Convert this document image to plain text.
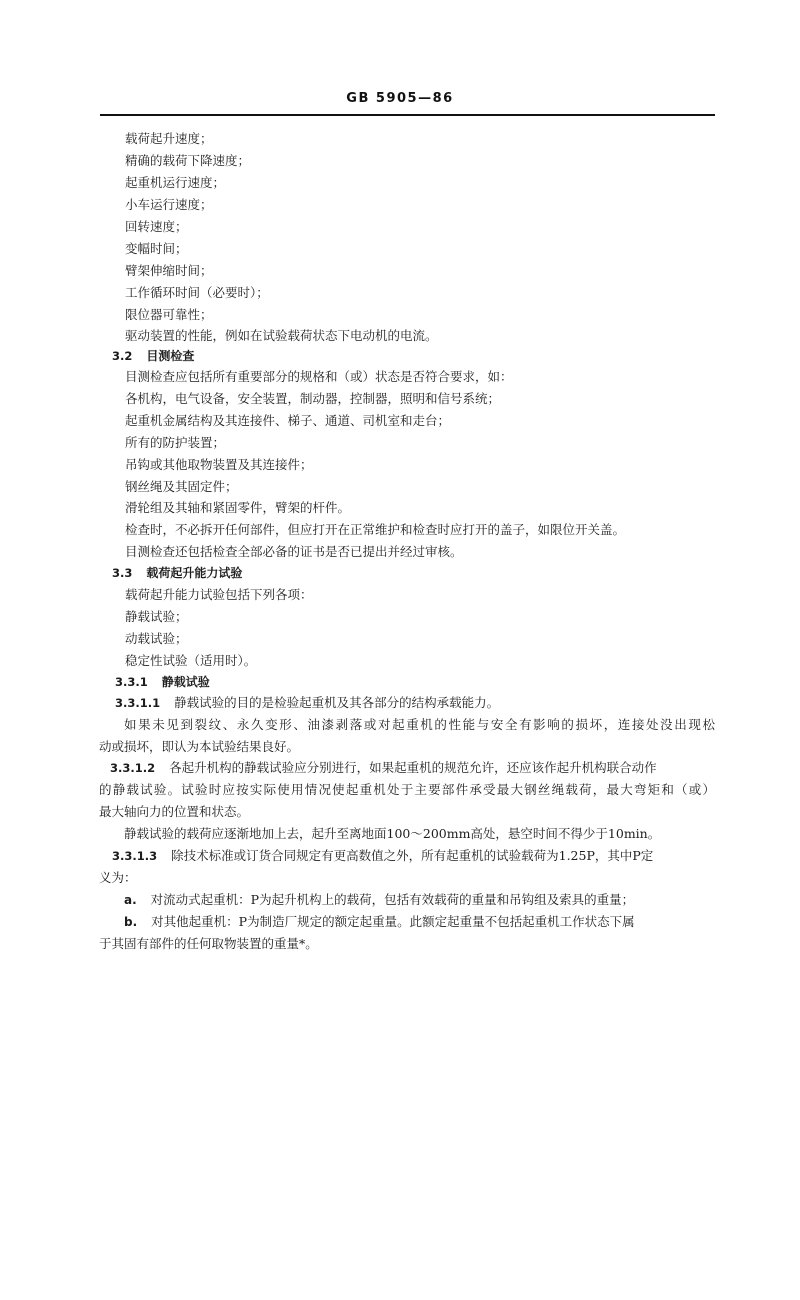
GB 5905—86
载荷起升速度；
精确的载荷下降速度；
起重机运行速度；
小车运行速度；
回转速度；
变幅时间；
臂架伸缩时间；
工作循环时间（必要时）；
限位器可靠性；
驱动装置的性能，例如在试验载荷状态下电动机的电流。
3.2 目测检查
目测检查应包括所有重要部分的规格和（或）状态是否符合要求，如：
各机构，电气设备，安全装置，制动器，控制器，照明和信号系统；
起重机金属结构及其连接件、梯子、通道、司机室和走台；
所有的防护装置；
吊钩或其他取物装置及其连接件；
钢丝绳及其固定件；
滑轮组及其轴和紧固零件，臂架的杆件。
检查时，不必拆开任何部件，但应打开在正常维护和检查时应打开的盖子，如限位开关盖。
目测检查还包括检查全部必备的证书是否已提出并经过审核。
3.3 载荷起升能力试验
载荷起升能力试验包括下列各项：
静载试验；
动载试验；
稳定性试验（适用时）。
3.3.1 静载试验
3.3.1.1 静载试验的目的是检验起重机及其各部分的结构承载能力。
如果未见到裂纹、永久变形、油漆剥落或对起重机的性能与安全有影响的损坏，连接处没出现松
动或损坏，即认为本试验结果良好。
3.3.1.2 各起升机构的静载试验应分别进行，如果起重机的规范允许，还应该作起升机构联合动作
的静载试验。试验时应按实际使用情况使起重机处于主要部件承受最大钢丝绳载荷，最大弯矩和（或）
最大轴向力的位置和状态。
静载试验的载荷应逐渐地加上去，起升至离地面100～200mm高处，悬空时间不得少于10min。
3.3.1.3 除技术标准或订货合同规定有更高数值之外，所有起重机的试验载荷为1.25P，其中P定
义为：
a. 对流动式起重机：P为起升机构上的载荷，包括有效载荷的重量和吊钩组及索具的重量；
b. 对其他起重机：P为制造厂规定的额定起重量。此额定起重量不包括起重机工作状态下属
于其固有部件的任何取物装置的重量*。
